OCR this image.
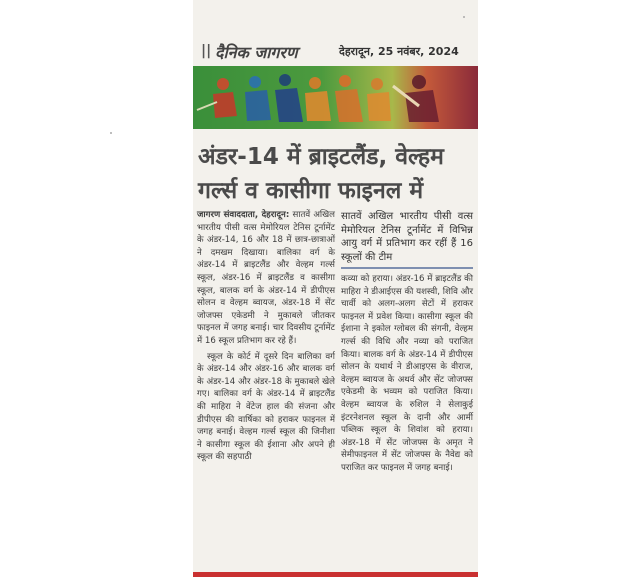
|| दैनिक जागरण	देहरादून, 25 नवंबर, 2024
अंडर-14 में ब्राइटलैंड, वेल्हम
गर्ल्स व कासीगा फाइनल में

जागरण संवाददाता, देहरादून: सातवें अखिल भारतीय पीसी वत्स मेमोरियल टेनिस टूर्नामेंट के अंडर-14, 16 और 18 में छात्र-छात्राओं ने दमखम दिखाया। बालिका वर्ग के अंडर-14 में ब्राइटलैंड और वेल्हम गर्ल्स स्कूल, अंडर-16 में ब्राइटलैंड व कासीगा स्कूल, बालक वर्ग के अंडर-14 में डीपीएस सोलन व वेल्हम ब्वायज, अंडर-18 में सेंट जोजफ्स एकेडमी ने मुकाबले जीतकर फाइनल में जगह बनाई। चार दिवसीय टूर्नामेंट में 16 स्कूल प्रतिभाग कर रहे हैं।

स्कूल के कोर्ट में दूसरे दिन बालिका वर्ग के अंडर-14 और अंडर-16 और बालक वर्ग के अंडर-14 और अंडर-18 के मुकाबले खेले गए। बालिका वर्ग के अंडर-14 में ब्राइटलैंड की माहिरा ने वेंटेज हाल की संजना और डीपीएस की वार्षिका को हराकर फाइनल में जगह बनाई। वेल्हम गर्ल्स स्कूल की जिनीशा ने कासीगा स्कूल की ईशाना और अपने ही स्कूल की सहपाठी

सातवें अखिल भारतीय पीसी वत्स मेमोरियल टेनिस टूर्नामेंट में विभिन्न आयु वर्ग में प्रतिभाग कर रहीं हैं 16 स्कूलों की टीम

कव्या को हराया। अंडर-16 में ब्राइटलैंड की माहिरा ने डीआईएस की यशस्वी, शिवि और चार्वी को अलग-अलग सेटों में हराकर फाइनल में प्रवेश किया। कासीगा स्कूल की ईशाना ने इकोल ग्लोबल की संगनी, वेल्हम गर्ल्स की विधि और नव्या को पराजित किया। बालक वर्ग के अंडर-14 में डीपीएस सोलन के यथार्थ ने डीआइएस के वीराज, वेल्हम ब्वायज के अथर्व और सेंट जोजफ्स एकेडमी के भव्यम को पराजित किया। वेल्हम ब्वायज के रुशिल ने सेलाकुई इंटरनेशनल स्कूल के दानी और आर्मी पब्लिक स्कूल के शिवांश को हराया। अंडर-18 में सेंट जोजफ्स के अमृत ने सेमीफाइनल में सेंट जोजफ्स के नैवेद्य को पराजित कर फाइनल में जगह बनाई।
